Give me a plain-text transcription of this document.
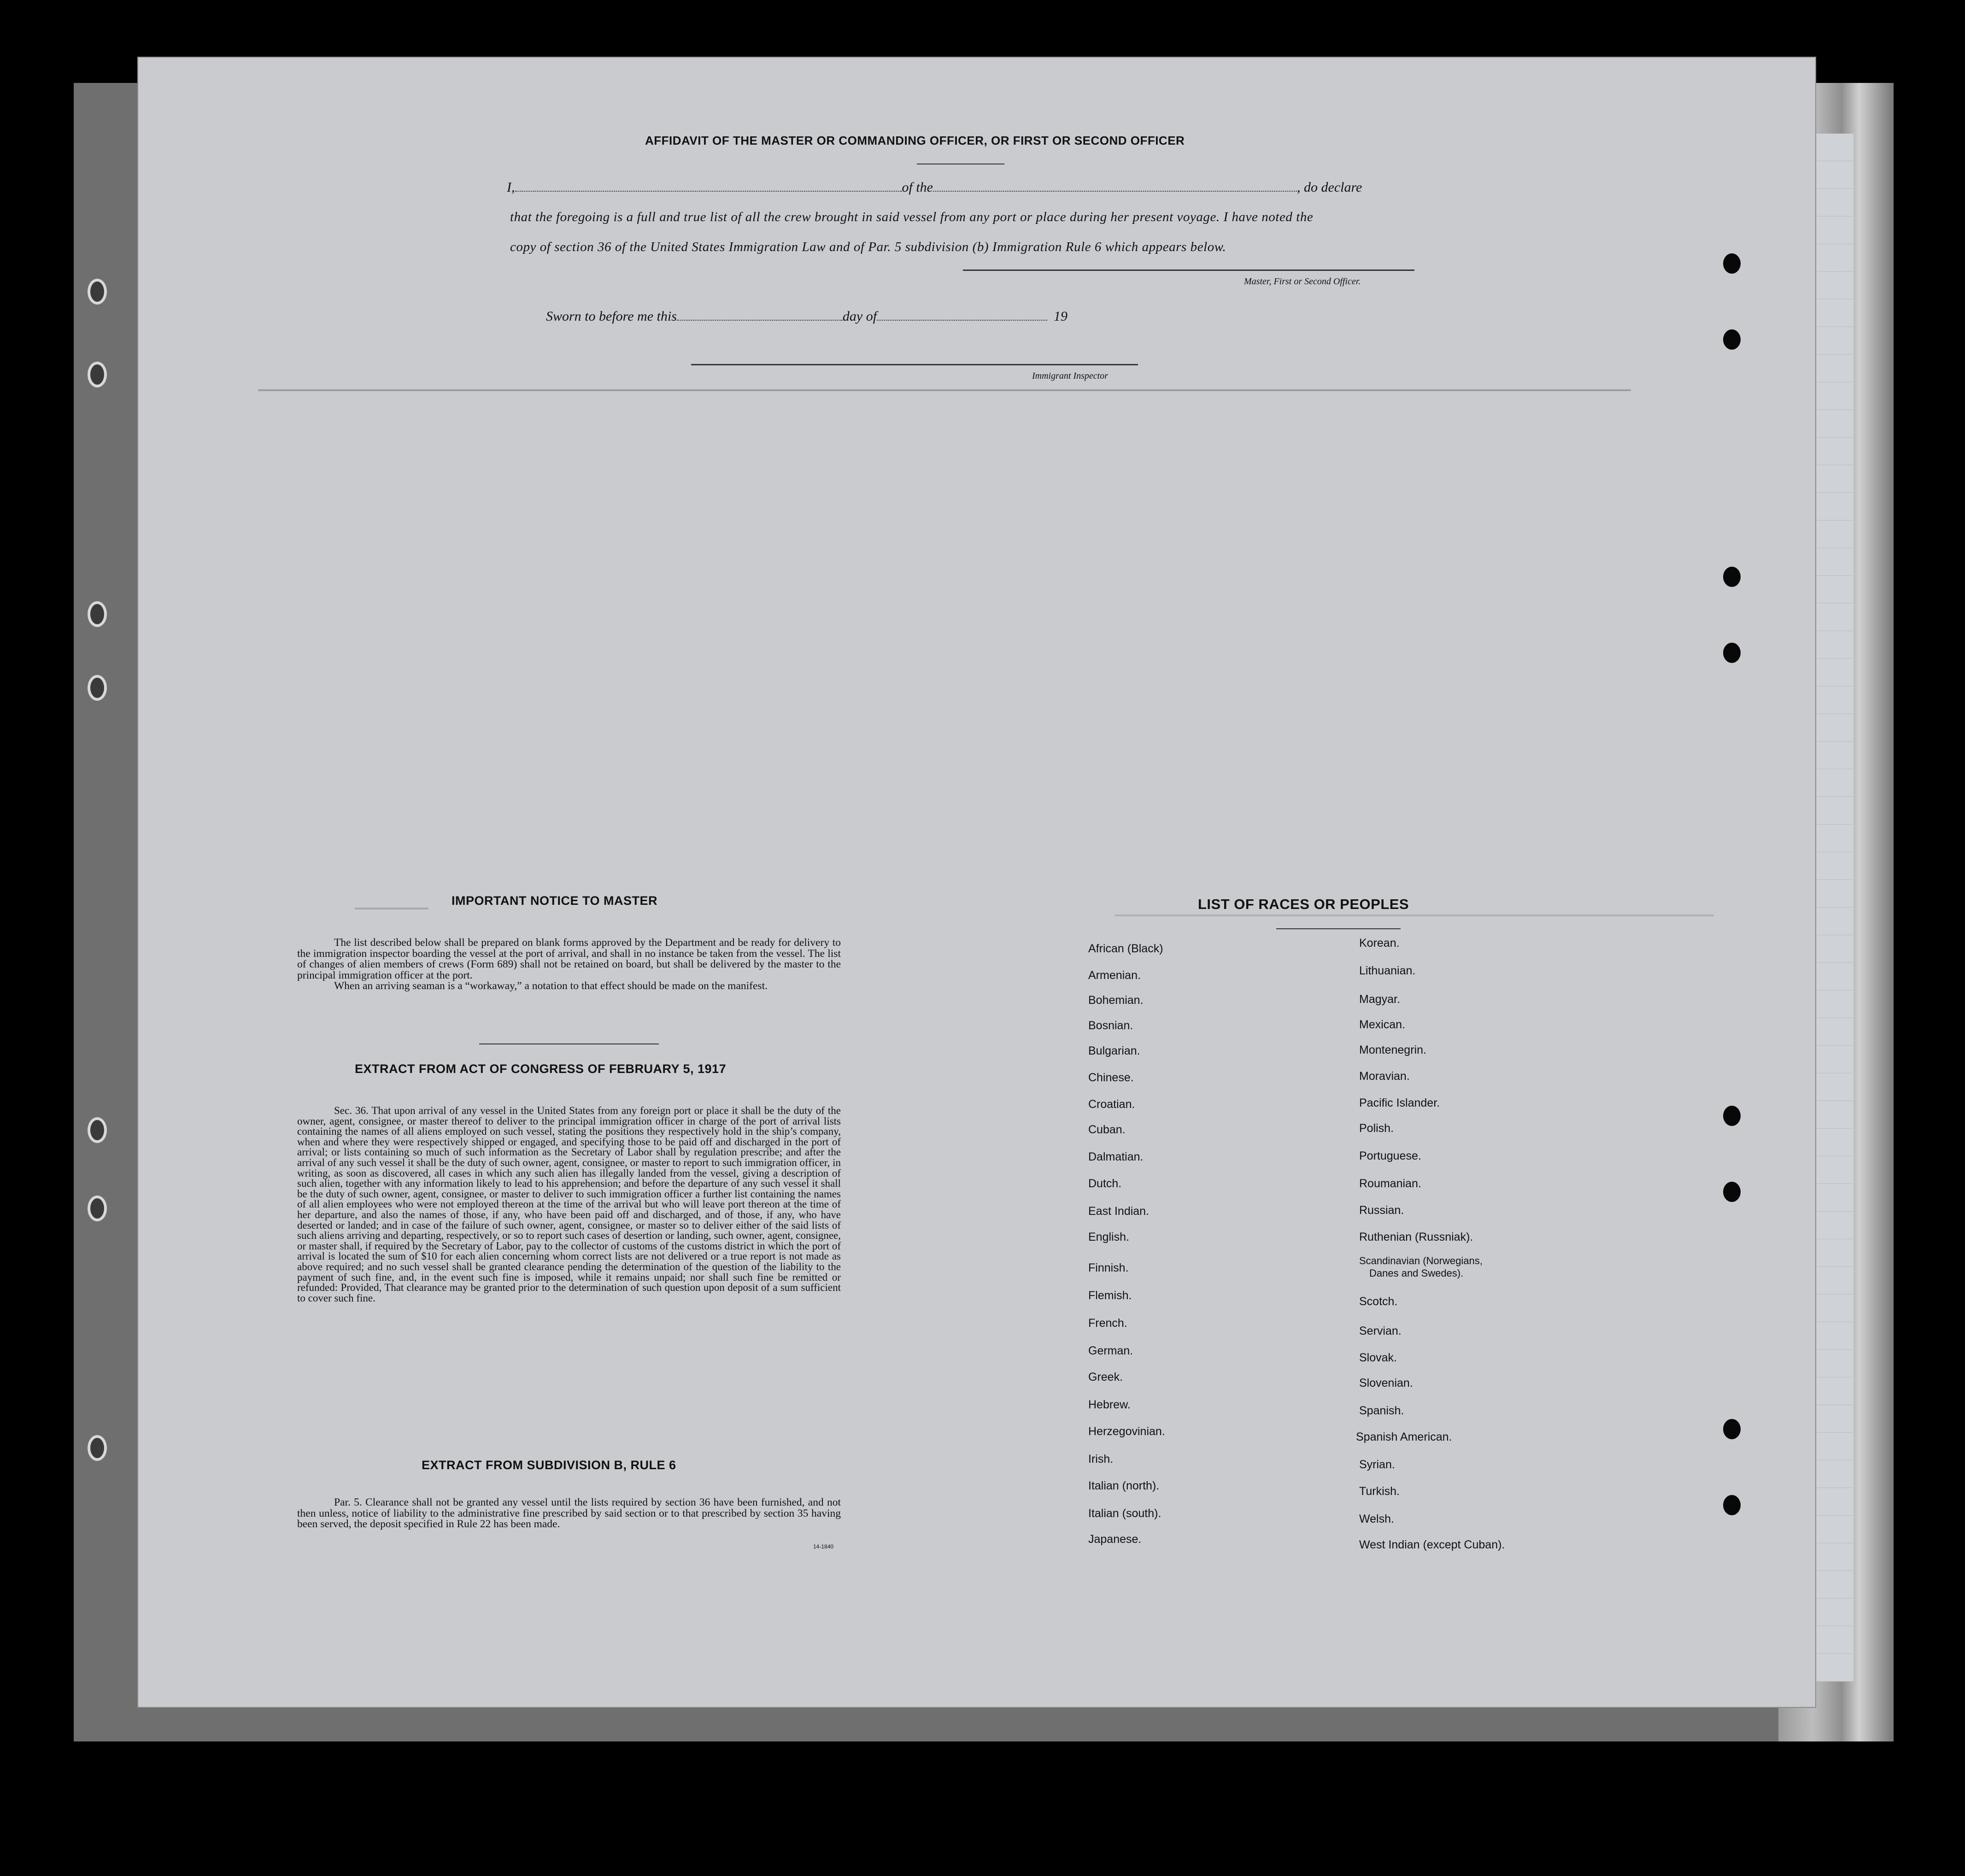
AFFIDAVIT OF THE MASTER OR COMMANDING OFFICER, OR FIRST OR SECOND OFFICER
I,	of the	, do declare
that the foregoing is a full and true list of all the crew brought in said vessel from any port or place during her present voyage. I have noted the
copy of section 36 of the United States Immigration Law and of Par. 5 subdivision (b) Immigration Rule 6 which appears below.
Master, First or Second Officer.
Sworn to before me this	day of	19
Immigrant Inspector
IMPORTANT NOTICE TO MASTER

The list described below shall be prepared on blank forms approved by the Department and be ready for delivery to the immigration inspector boarding the vessel at the port of arrival, and shall in no instance be taken from the vessel. The list of changes of alien members of crews (Form 689) shall not be retained on board, but shall be delivered by the master to the principal immigration officer at the port.

When an arriving seaman is a “workaway,” a notation to that effect should be made on the manifest.

EXTRACT FROM ACT OF CONGRESS OF FEBRUARY 5, 1917

Sec. 36. That upon arrival of any vessel in the United States from any foreign port or place it shall be the duty of the owner, agent, consignee, or master thereof to deliver to the principal immigration officer in charge of the port of arrival lists containing the names of all aliens employed on such vessel, stating the positions they respectively hold in the ship’s company, when and where they were respectively shipped or engaged, and specifying those to be paid off and discharged in the port of arrival; or lists containing so much of such information as the Secretary of Labor shall by regulation prescribe; and after the arrival of any such vessel it shall be the duty of such owner, agent, consignee, or master to report to such immigration officer, in writing, as soon as discovered, all cases in which any such alien has illegally landed from the vessel, giving a description of such alien, together with any information likely to lead to his apprehension; and before the departure of any such vessel it shall be the duty of such owner, agent, consignee, or master to deliver to such immigration officer a further list containing the names of all alien employees who were not employed thereon at the time of the arrival but who will leave port thereon at the time of her departure, and also the names of those, if any, who have been paid off and discharged, and of those, if any, who have deserted or landed; and in case of the failure of such owner, agent, consignee, or master so to deliver either of the said lists of such aliens arriving and departing, respectively, or so to report such cases of desertion or landing, such owner, agent, consignee, or master shall, if required by the Secretary of Labor, pay to the collector of customs of the customs district in which the port of arrival is located the sum of $10 for each alien concerning whom correct lists are not delivered or a true report is not made as above required; and no such vessel shall be granted clearance pending the determination of the question of the liability to the payment of such fine, and, in the event such fine is imposed, while it remains unpaid; nor shall such fine be remitted or refunded: Provided, That clearance may be granted prior to the determination of such question upon deposit of a sum sufficient to cover such fine.

EXTRACT FROM SUBDIVISION B, RULE 6

Par. 5. Clearance shall not be granted any vessel until the lists required by section 36 have been furnished, and not then unless, notice of liability to the administrative fine prescribed by said section or to that prescribed by section 35 having been served, the deposit specified in Rule 22 has been made.

14-1840
LIST OF RACES OR PEOPLES
African (Black)
Armenian.
Bohemian.
Bosnian.
Bulgarian.
Chinese.
Croatian.
Cuban.
Dalmatian.
Dutch.
East Indian.
English.
Finnish.
Flemish.
French.
German.
Greek.
Hebrew.
Herzegovinian.
Irish.
Italian (north).
Italian (south).
Japanese.
Korean.
Lithuanian.
Magyar.
Mexican.
Montenegrin.
Moravian.
Pacific Islander.
Polish.
Portuguese.
Roumanian.
Russian.
Ruthenian (Russniak).
Scandinavian (Norwegians,
Danes and Swedes).
Scotch.
Servian.
Slovak.
Slovenian.
Spanish.
Spanish American.
Syrian.
Turkish.
Welsh.
West Indian (except Cuban).
